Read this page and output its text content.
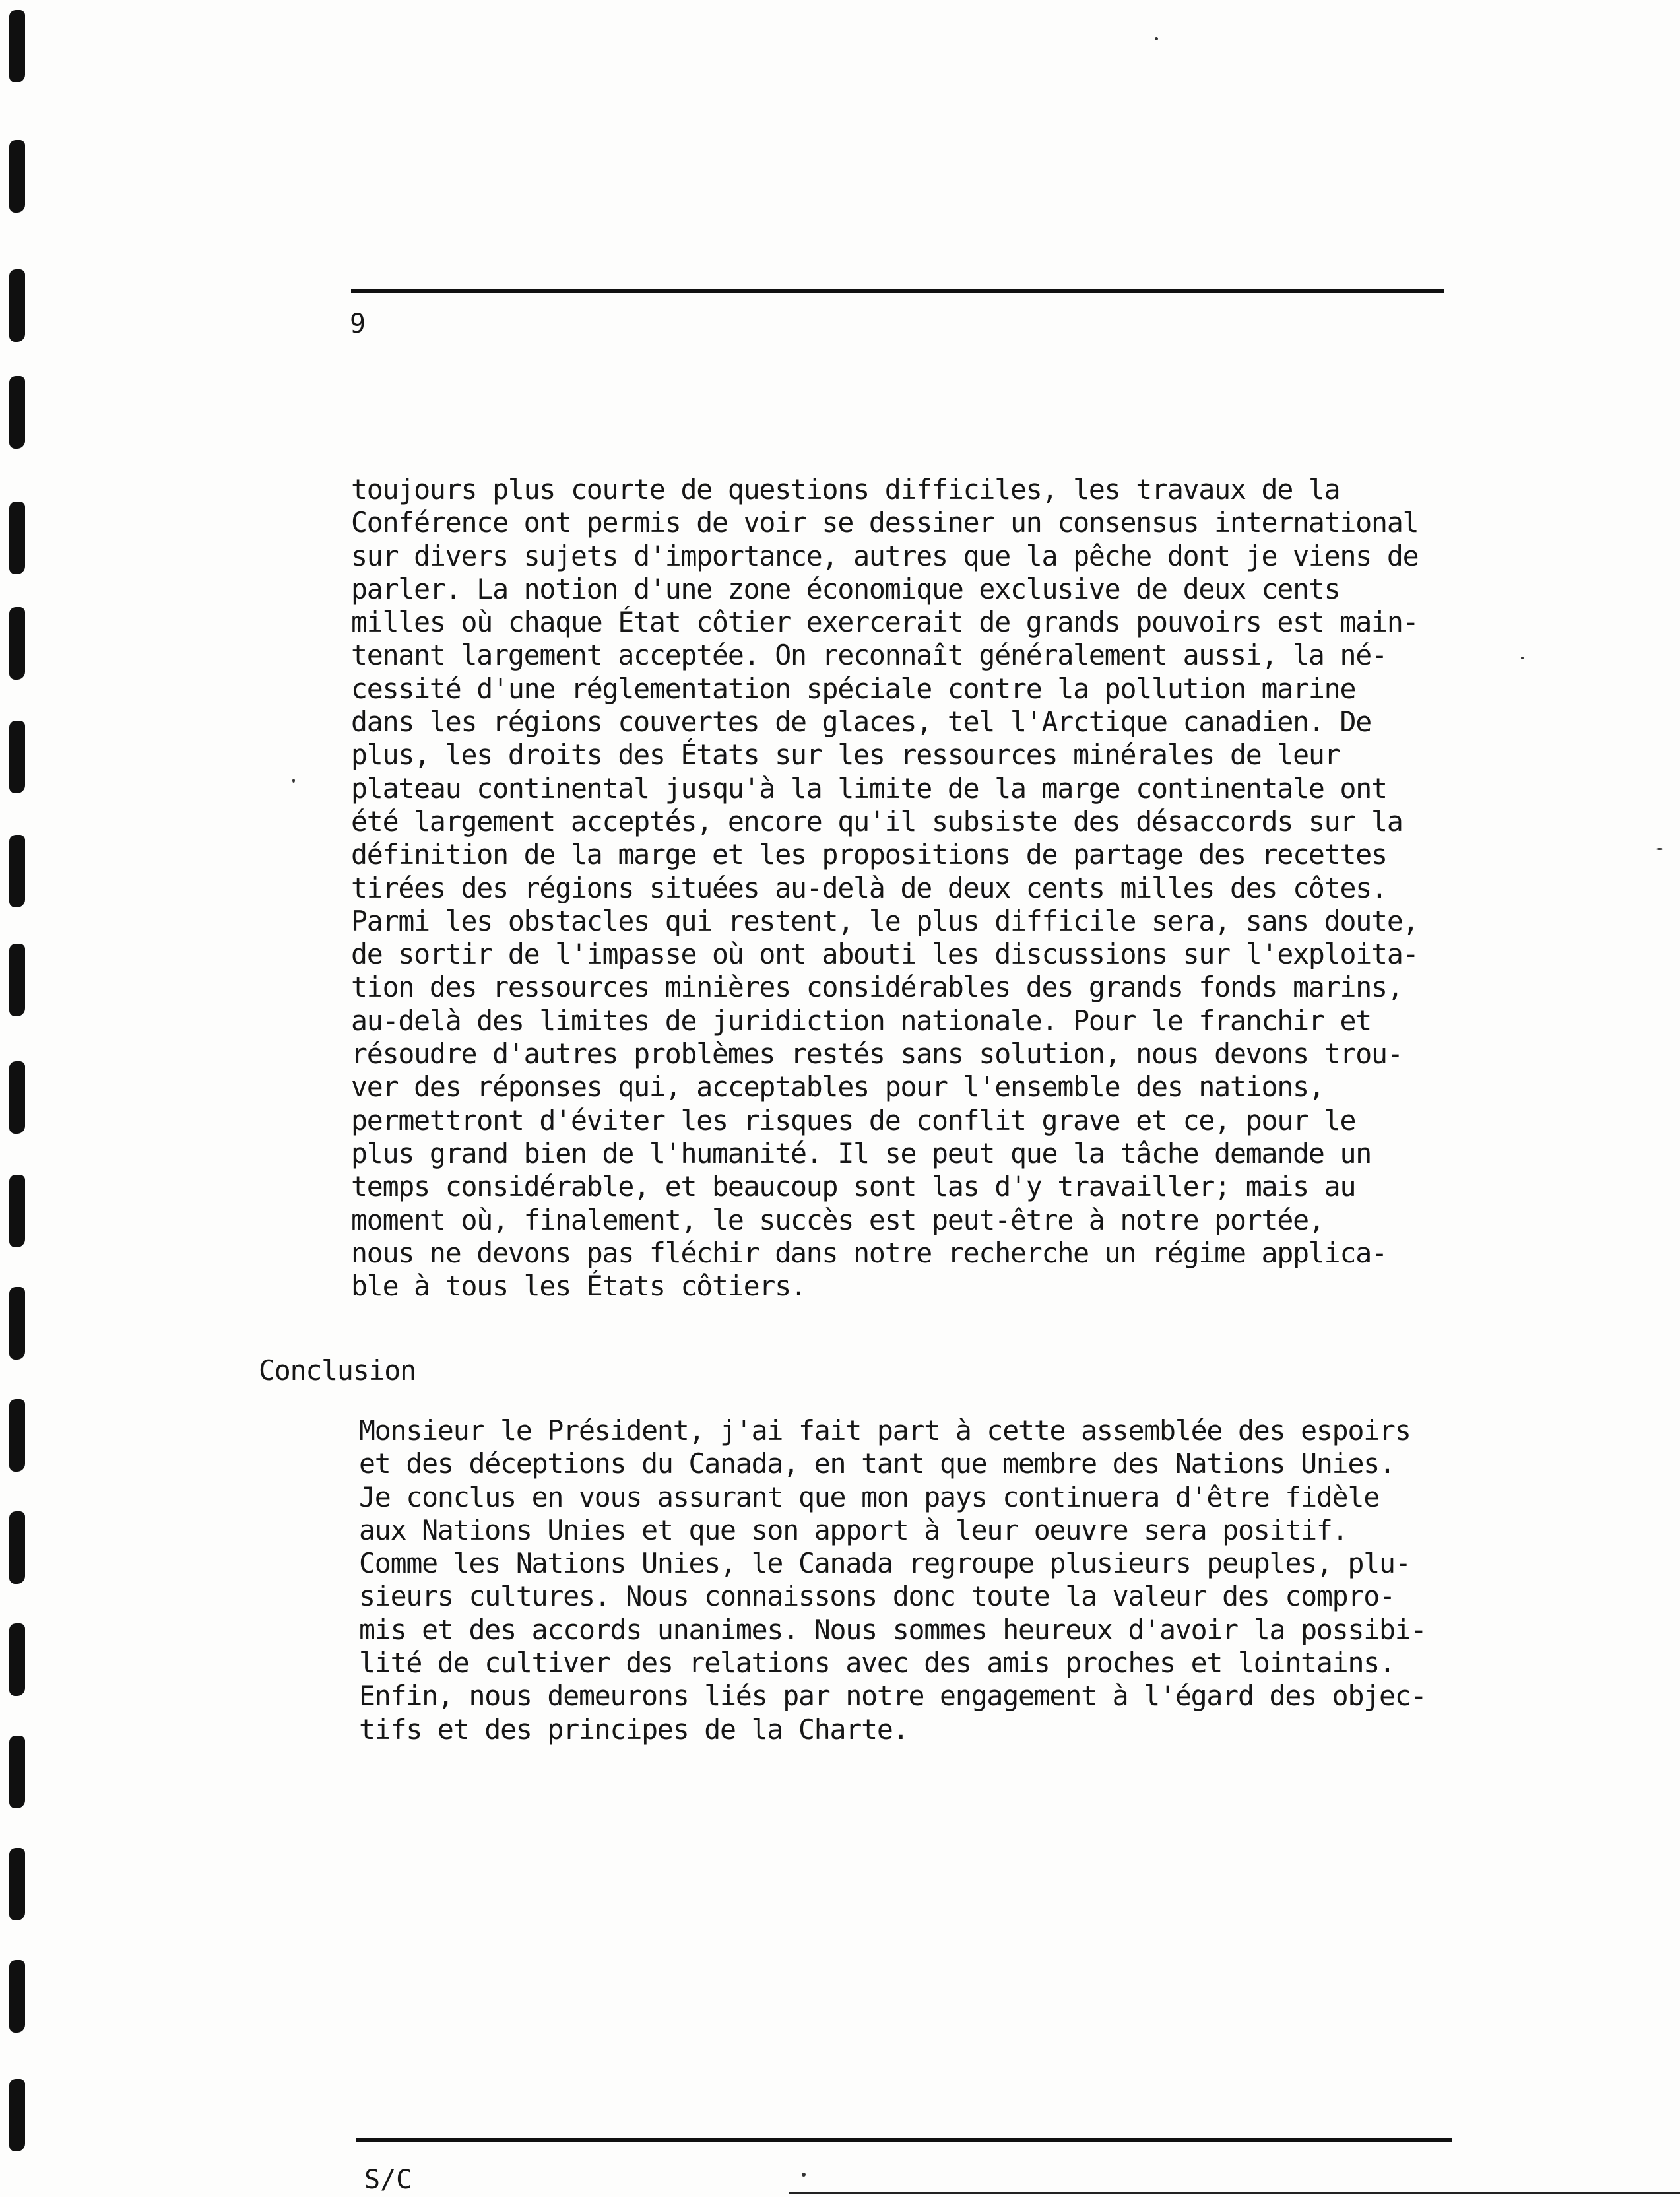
9
toujours plus courte de questions difficiles, les travaux de la
Conférence ont permis de voir se dessiner un consensus international
sur divers sujets d'importance, autres que la pêche dont je viens de
parler. La notion d'une zone économique exclusive de deux cents
milles où chaque État côtier exercerait de grands pouvoirs est main-
tenant largement acceptée. On reconnaît généralement aussi, la né-
cessité d'une réglementation spéciale contre la pollution marine
dans les régions couvertes de glaces, tel l'Arctique canadien. De
plus, les droits des États sur les ressources minérales de leur
plateau continental jusqu'à la limite de la marge continentale ont
été largement acceptés, encore qu'il subsiste des désaccords sur la
définition de la marge et les propositions de partage des recettes
tirées des régions situées au-delà de deux cents milles des côtes.
Parmi les obstacles qui restent, le plus difficile sera, sans doute,
de sortir de l'impasse où ont abouti les discussions sur l'exploita-
tion des ressources minières considérables des grands fonds marins,
au-delà des limites de juridiction nationale. Pour le franchir et
résoudre d'autres problèmes restés sans solution, nous devons trou-
ver des réponses qui, acceptables pour l'ensemble des nations,
permettront d'éviter les risques de conflit grave et ce, pour le
plus grand bien de l'humanité. Il se peut que la tâche demande un
temps considérable, et beaucoup sont las d'y travailler; mais au
moment où, finalement, le succès est peut-être à notre portée,
nous ne devons pas fléchir dans notre recherche un régime applica-
ble à tous les États côtiers.
Conclusion
Monsieur le Président, j'ai fait part à cette assemblée des espoirs
et des déceptions du Canada, en tant que membre des Nations Unies.
Je conclus en vous assurant que mon pays continuera d'être fidèle
aux Nations Unies et que son apport à leur oeuvre sera positif.
Comme les Nations Unies, le Canada regroupe plusieurs peuples, plu-
sieurs cultures. Nous connaissons donc toute la valeur des compro-
mis et des accords unanimes. Nous sommes heureux d'avoir la possibi-
lité de cultiver des relations avec des amis proches et lointains.
Enfin, nous demeurons liés par notre engagement à l'égard des objec-
tifs et des principes de la Charte.
S/C
